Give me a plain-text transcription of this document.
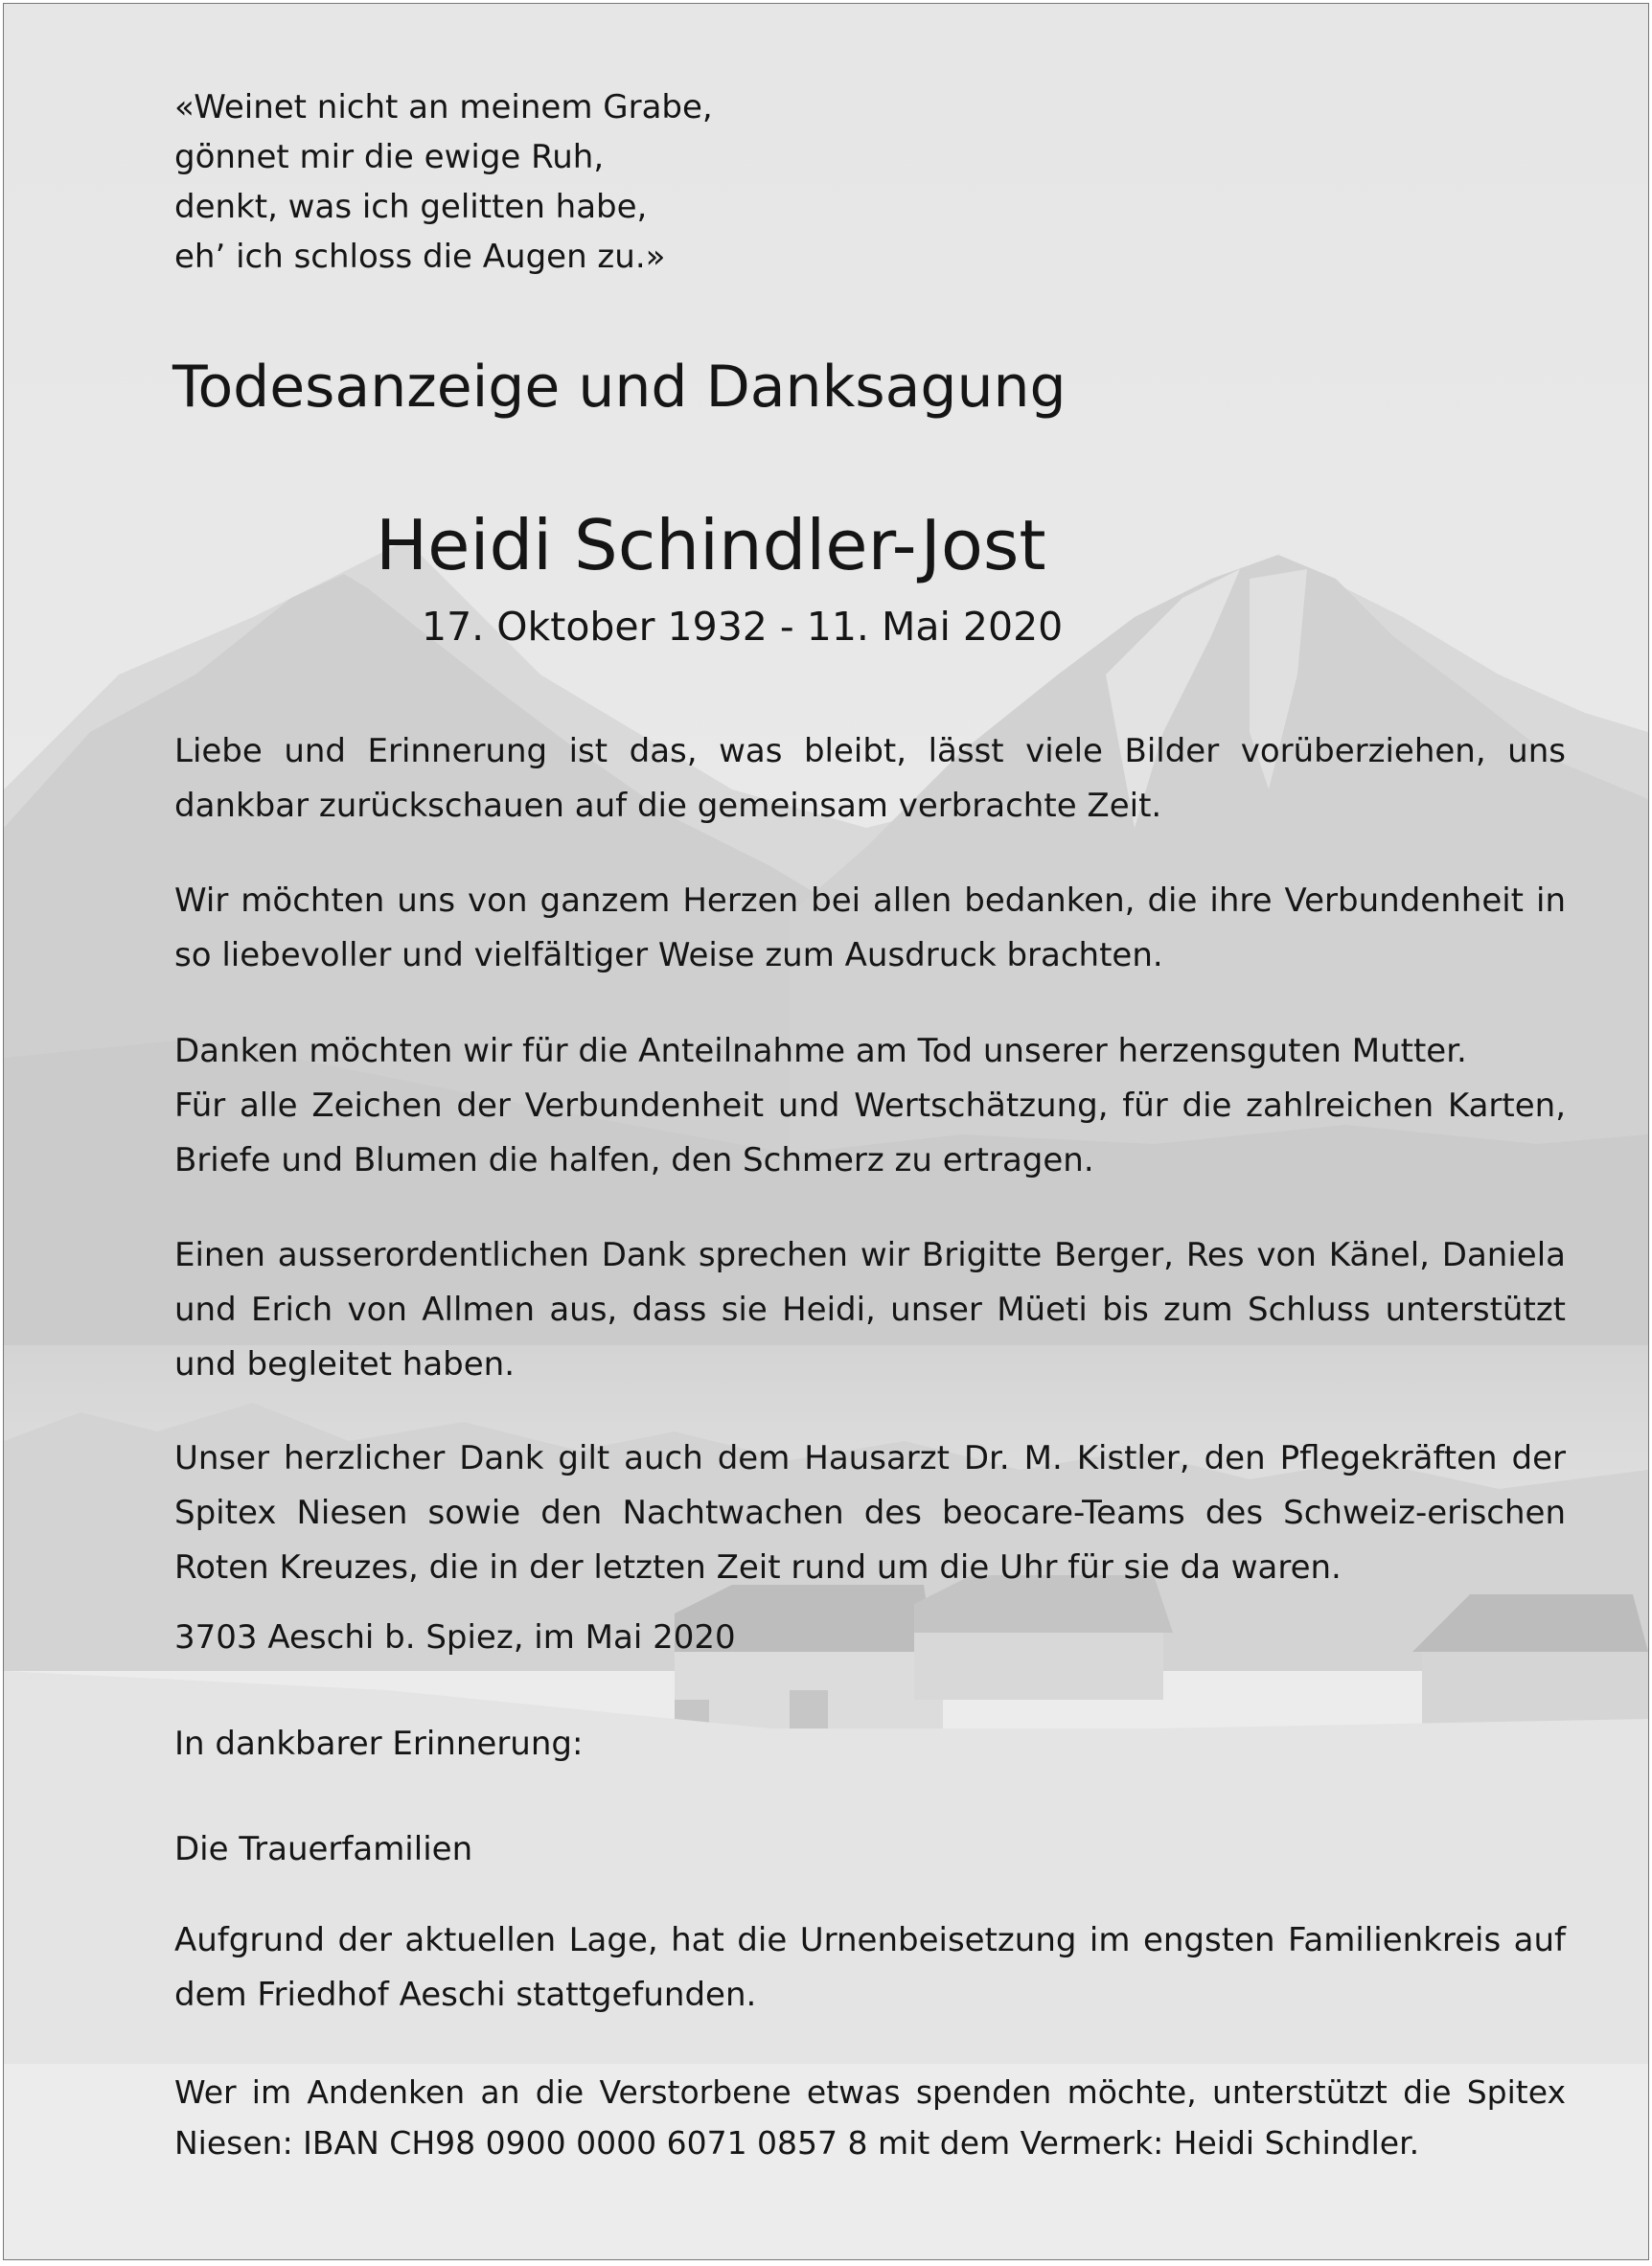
«Weinet nicht an meinem Grabe,
gönnet mir die ewige Ruh,
denkt, was ich gelitten habe,
eh’ ich schloss die Augen zu.»
Todesanzeige und Danksagung
Heidi Schindler-Jost
17. Oktober 1932 - 11. Mai 2020
Liebe und Erinnerung ist das, was bleibt, lässt viele Bilder vorüberziehen, uns dankbar zurückschauen auf die gemeinsam verbrachte Zeit.
Wir möchten uns von ganzem Herzen bei allen bedanken, die ihre Verbundenheit in so liebevoller und vielfältiger Weise zum Ausdruck brachten.
Danken möchten wir für die Anteilnahme am Tod unserer herzensguten Mutter.
Für alle Zeichen der Verbundenheit und Wertschätzung, für die zahlreichen Karten, Briefe und Blumen die halfen, den Schmerz zu ertragen.
Einen ausserordentlichen Dank sprechen wir Brigitte Berger, Res von Känel, Daniela und Erich von Allmen aus, dass sie Heidi, unser Müeti bis zum Schluss unterstützt und begleitet haben.
Unser herzlicher Dank gilt auch dem Hausarzt Dr. M. Kistler, den Pflegekräften der Spitex Niesen sowie den Nachtwachen des beocare-Teams des Schweiz-erischen Roten Kreuzes, die in der letzten Zeit rund um die Uhr für sie da waren.
3703 Aeschi b. Spiez, im Mai 2020
In dankbarer Erinnerung:
Die Trauerfamilien
Aufgrund der aktuellen Lage, hat die Urnenbeisetzung im engsten Familienkreis auf dem Friedhof Aeschi stattgefunden.
Wer im Andenken an die Verstorbene etwas spenden möchte, unterstützt die Spitex Niesen: IBAN CH98 0900 0000 6071 0857 8 mit dem Vermerk: Heidi Schindler.
